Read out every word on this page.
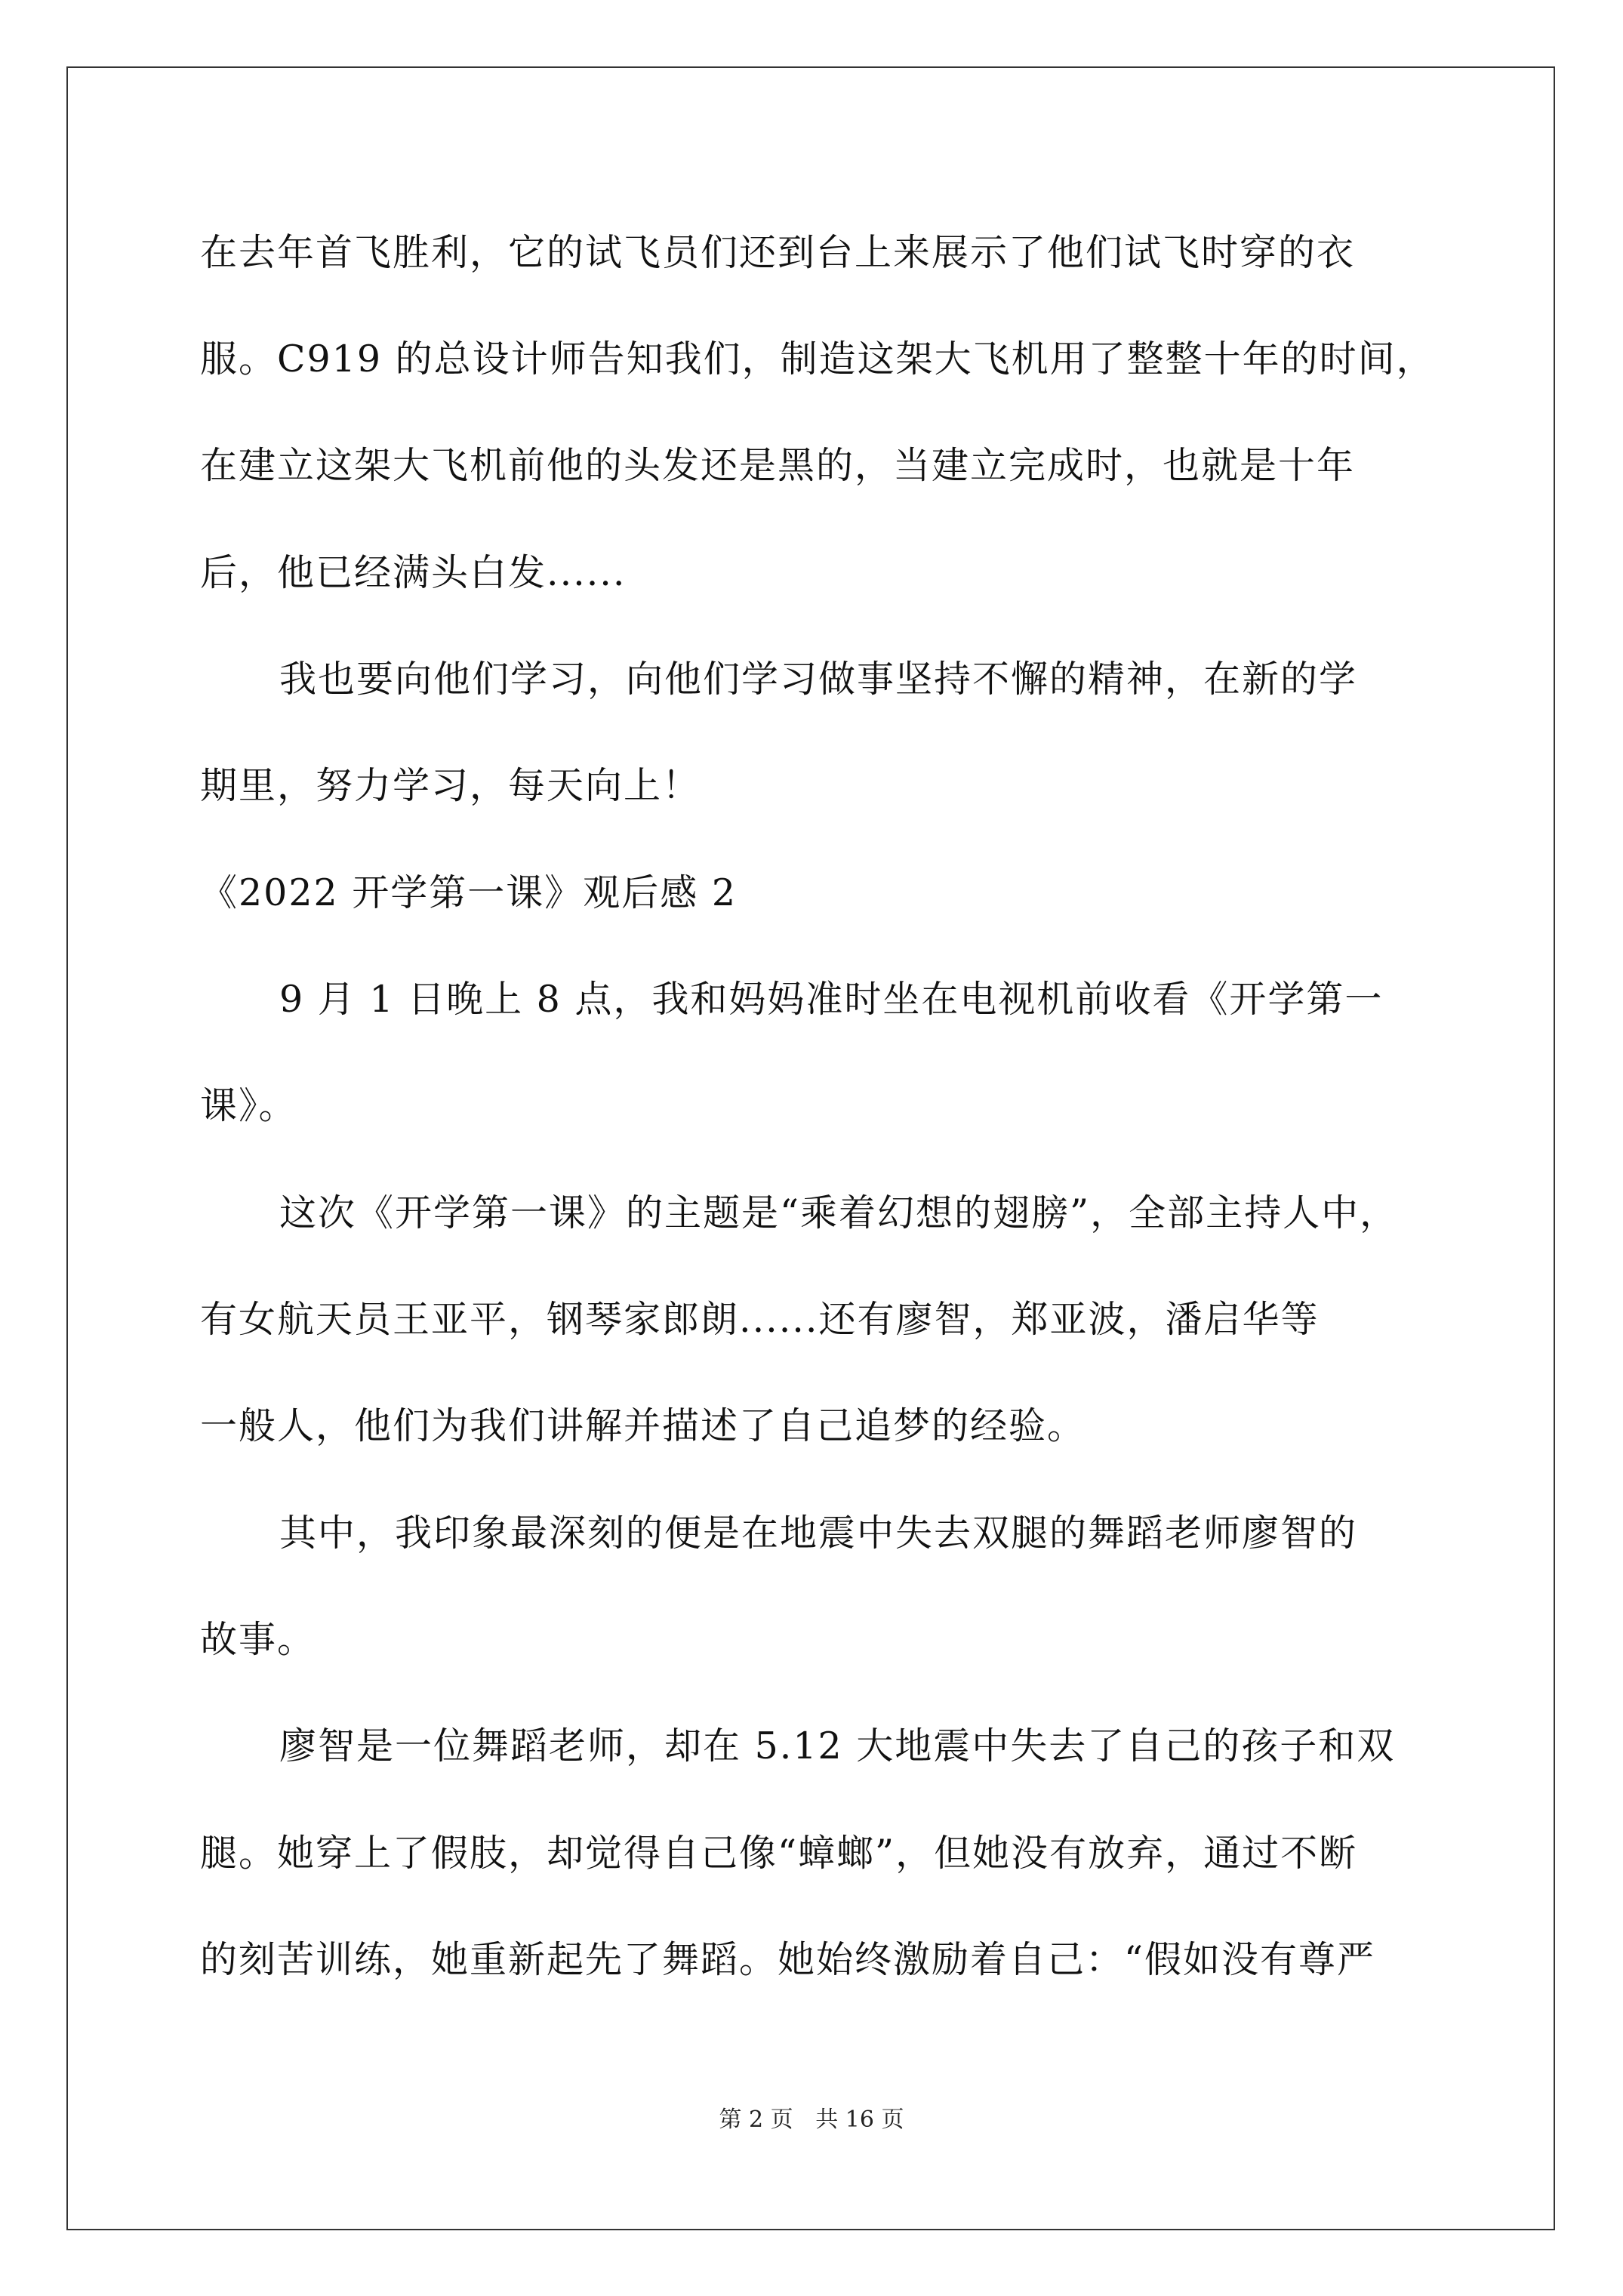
在去年首飞胜利，它的试飞员们还到台上来展示了他们试飞时穿的衣
服。C919 的总设计师告知我们，制造这架大飞机用了整整十年的时间，
在建立这架大飞机前他的头发还是黑的，当建立完成时，也就是十年
后，他已经满头白发......
我也要向他们学习，向他们学习做事坚持不懈的精神，在新的学
期里，努力学习，每天向上！
《2022 开学第一课》观后感 2
9 月 1 日晚上 8 点，我和妈妈准时坐在电视机前收看《开学第一
课》。
这次《开学第一课》的主题是“乘着幻想的翅膀”，全部主持人中，
有女航天员王亚平，钢琴家郎朗......还有廖智，郑亚波，潘启华等
一般人，他们为我们讲解并描述了自己追梦的经验。
其中，我印象最深刻的便是在地震中失去双腿的舞蹈老师廖智的
故事。
廖智是一位舞蹈老师，却在 5.12 大地震中失去了自己的孩子和双
腿。她穿上了假肢，却觉得自己像“蟑螂”，但她没有放弃，通过不断
的刻苦训练，她重新起先了舞蹈。她始终激励着自己：“假如没有尊严
第 2 页 共 16 页
